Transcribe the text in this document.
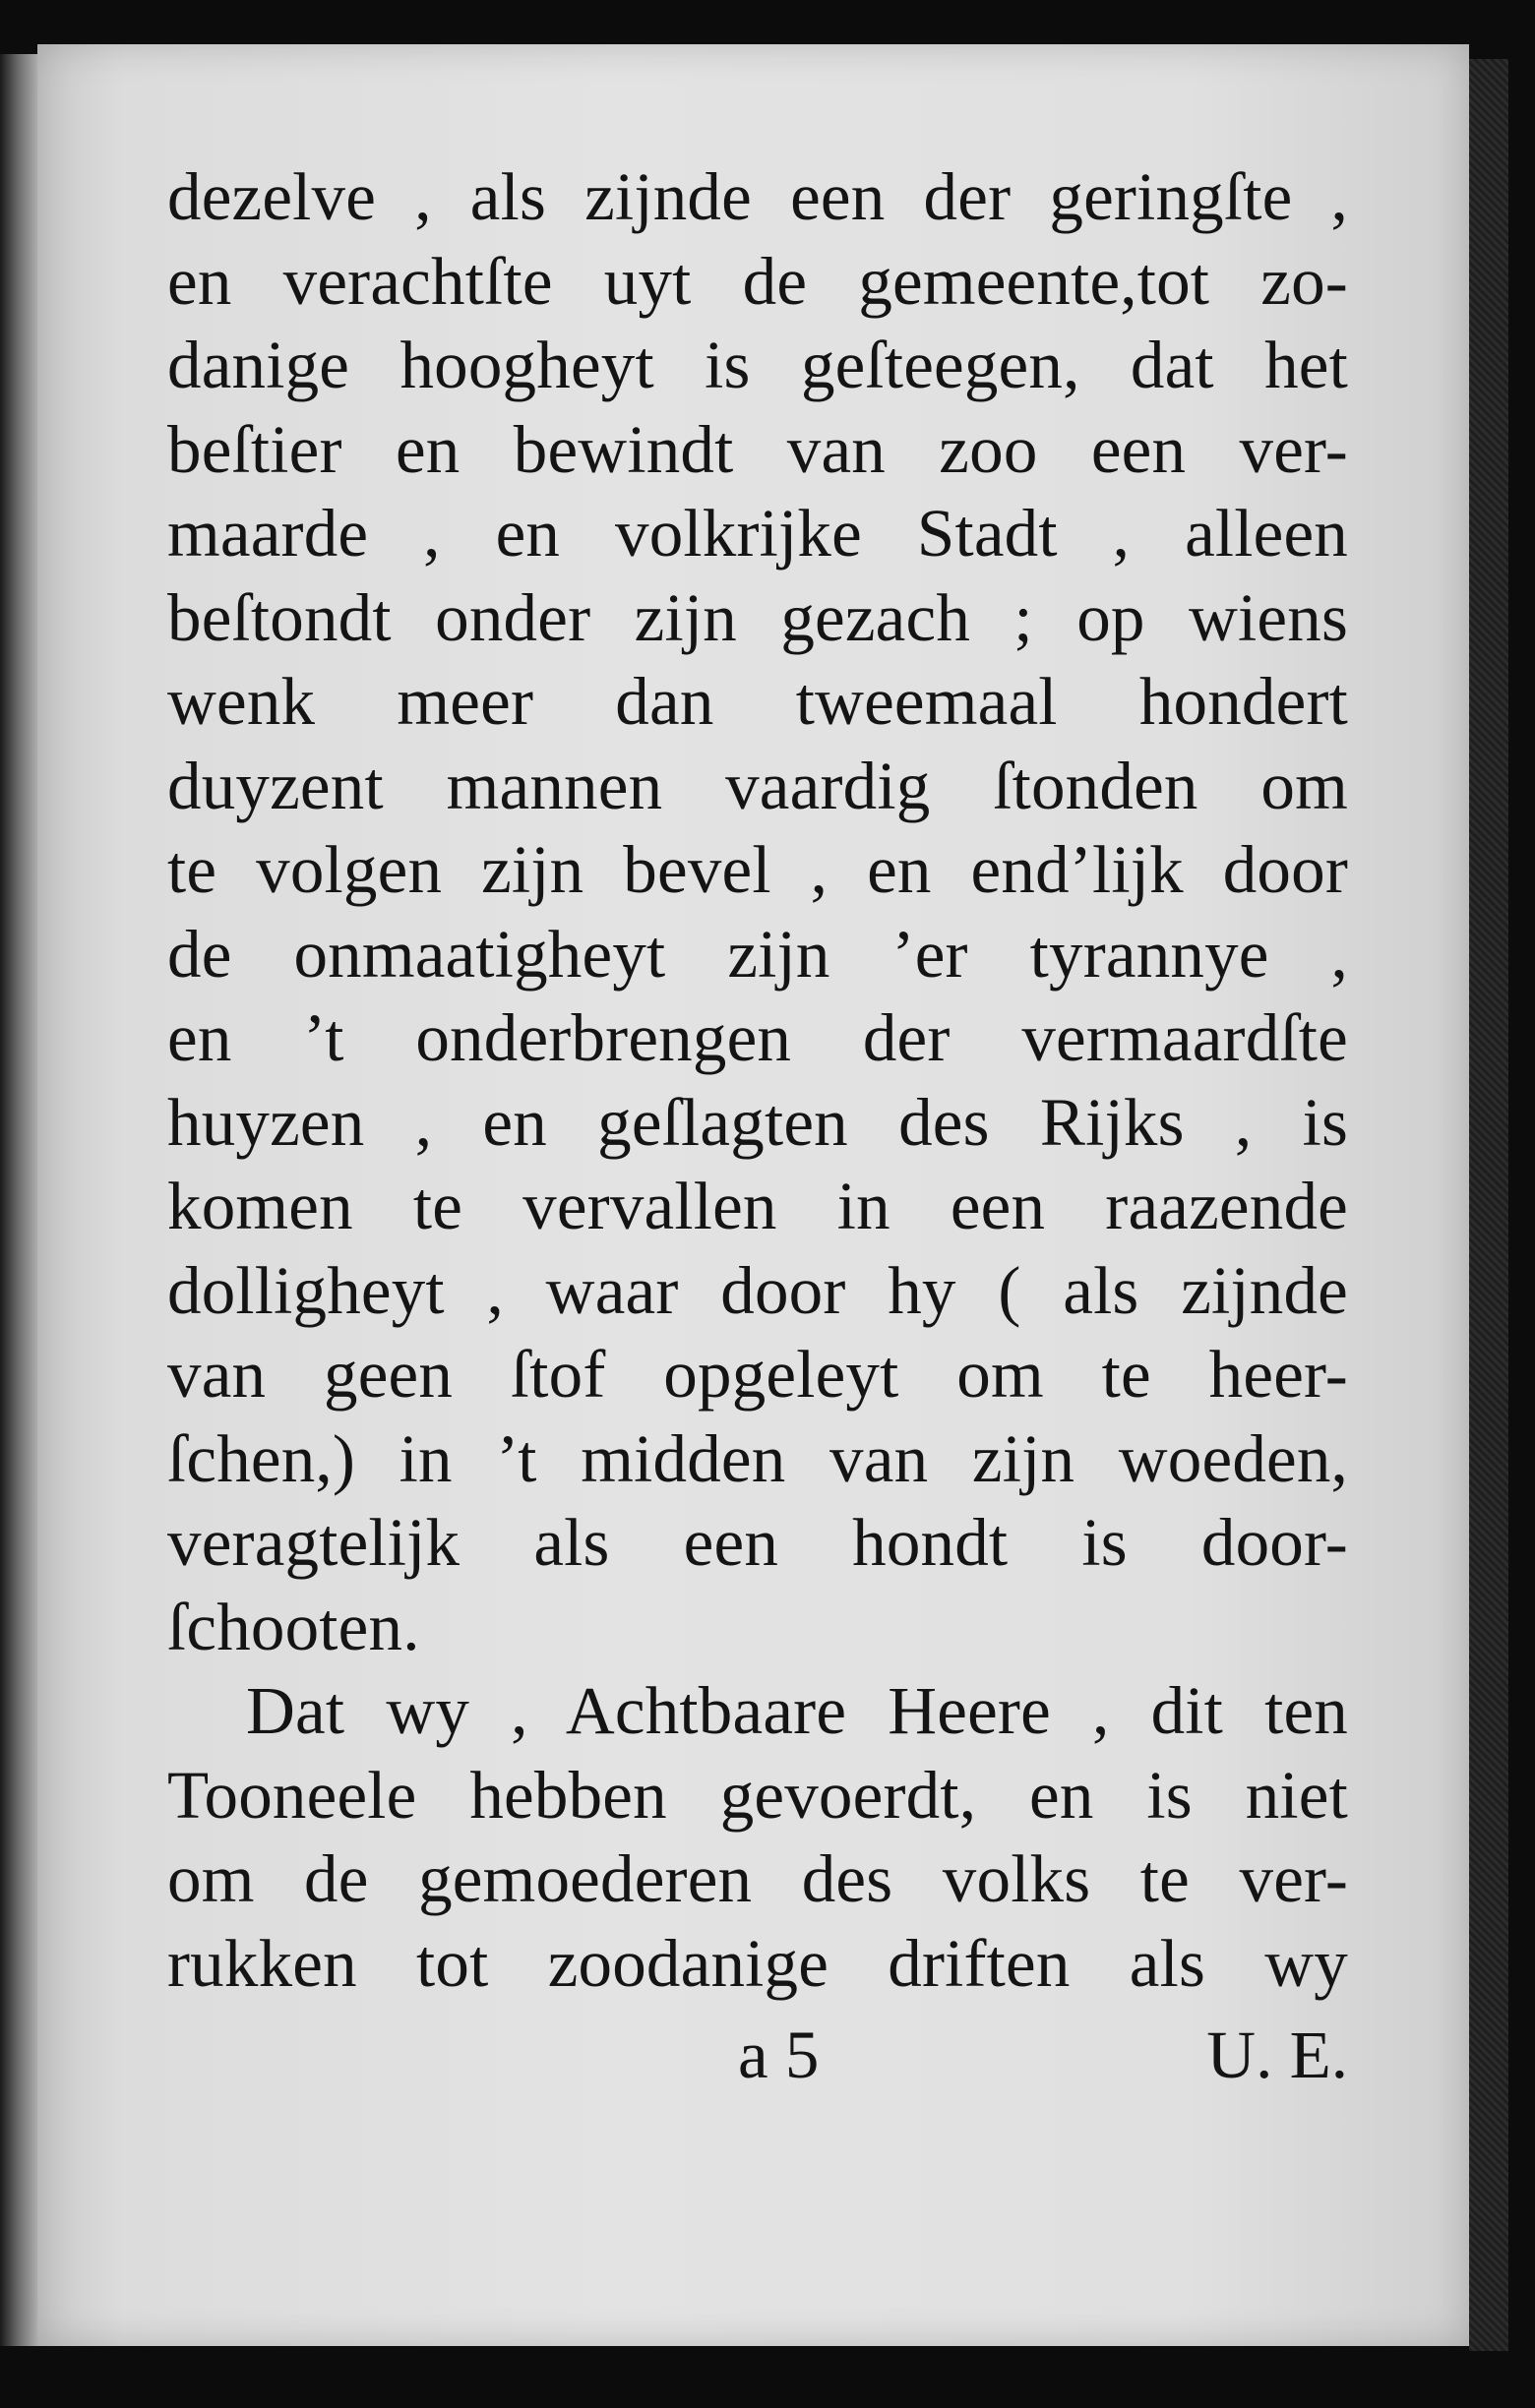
dezelve , als zijnde een der geringſte ,
en verachtſte uyt de gemeente,tot zo-
danige hoogheyt is geſteegen, dat het
beſtier en bewindt van zoo een ver-
maarde , en volkrijke Stadt , alleen
beſtondt onder zijn gezach ; op wiens
wenk meer dan tweemaal hondert
duyzent mannen vaardig ſtonden om
te volgen zijn bevel , en end’lijk door
de onmaatigheyt zijn ’er tyrannye ,
en ’t onderbrengen der vermaardſte
huyzen , en geſlagten des Rijks , is
komen te vervallen in een raazende
dolligheyt , waar door hy ( als zijnde
van geen ſtof opgeleyt om te heer-
ſchen,) in ’t midden van zijn woeden,
veragtelijk als een hondt is door-
ſchooten.
Dat wy , Achtbaare Heere , dit ten
Tooneele hebben gevoerdt, en is niet
om de gemoederen des volks te ver-
rukken tot zoodanige driften als wy
a 5	U. E.
